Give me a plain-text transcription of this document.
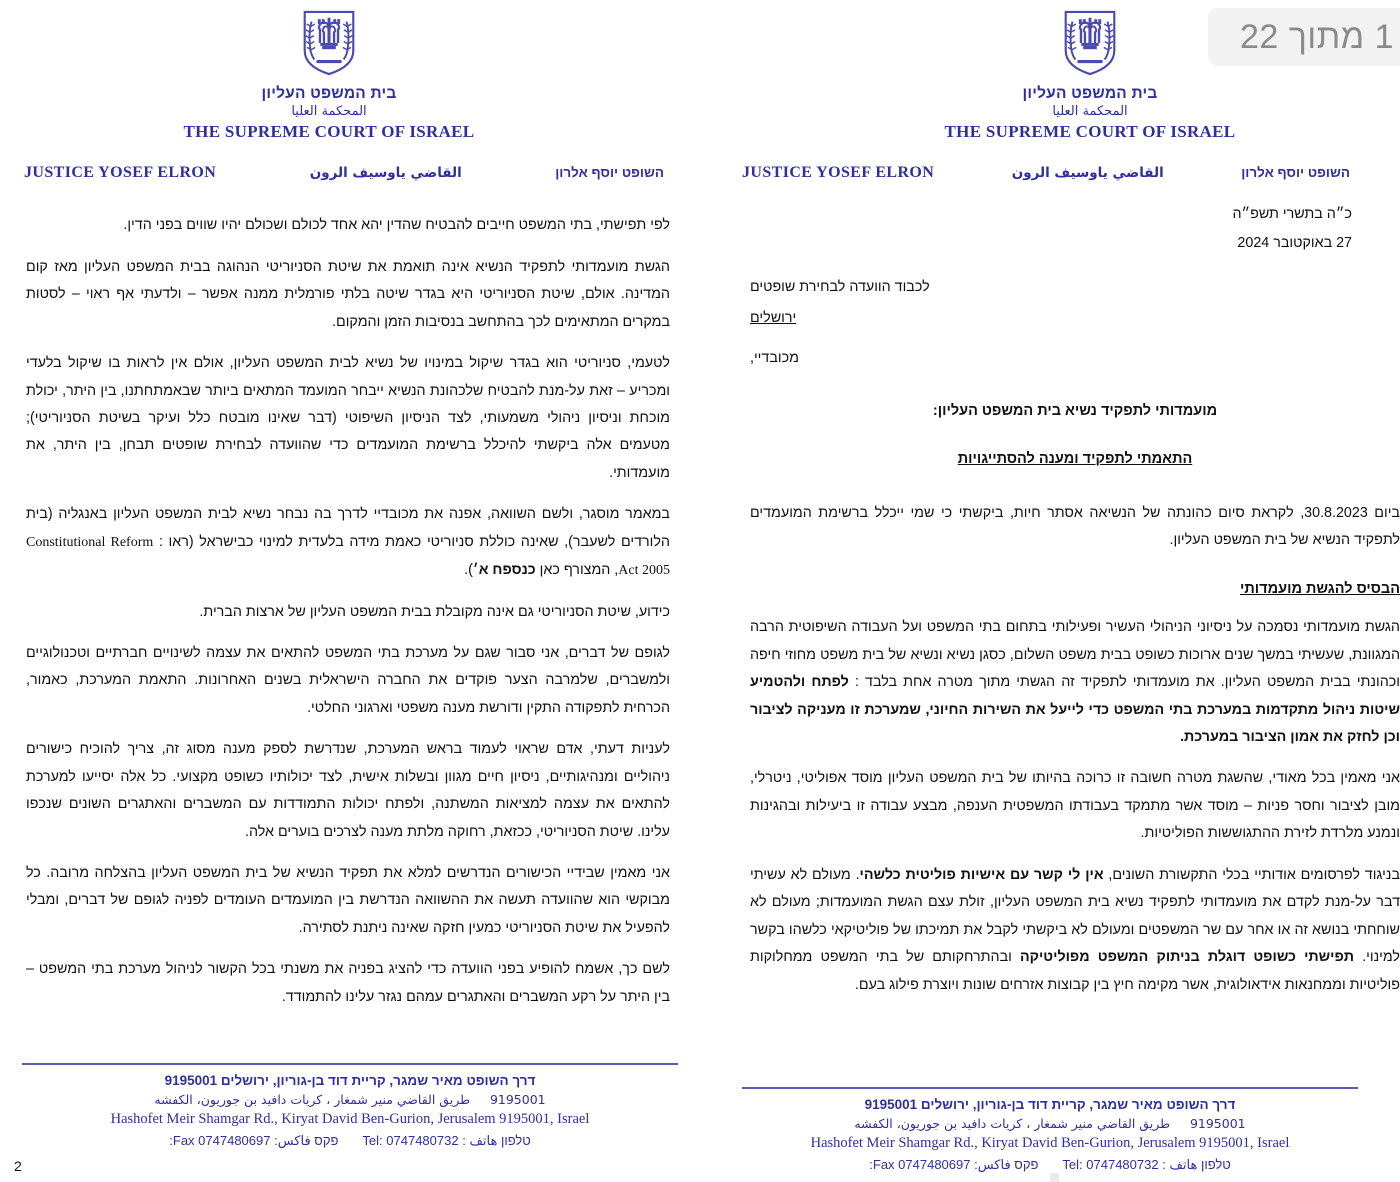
בית המשפט העליון
المحكمة العليا
THE SUPREME COURT OF ISRAEL
השופט יוסף אלרון
القاضي ياوسيف الرون
JUSTICE YOSEF ELRON

לפי תפישתי, בתי המשפט חייבים להבטיח שהדין יהא אחד לכולם ושכולם יהיו שווים בפני הדין.

הגשת מועמדותי לתפקיד הנשיא אינה תואמת את שיטת הסניוריטי הנהוגה בבית המשפט העליון מאז קום המדינה. אולם, שיטת הסניוריטי היא בגדר שיטה בלתי פורמלית ממנה אפשר – ולדעתי אף ראוי – לסטות במקרים המתאימים לכך בהתחשב בנסיבות הזמן והמקום.

לטעמי, סניוריטי הוא בגדר שיקול במינויו של נשיא לבית המשפט העליון, אולם אין לראות בו שיקול בלעדי ומכריע – זאת על-מנת להבטיח שלכהונת הנשיא ייבחר המועמד המתאים ביותר שבאמתחתנו, בין היתר, יכולת מוכחת וניסיון ניהולי משמעותי, לצד הניסיון השיפוטי (דבר שאינו מובטח כלל ועיקר בשיטת הסניוריטי); מטעמים אלה ביקשתי להיכלל ברשימת המועמדים כדי שהוועדה לבחירת שופטים תבחן, בין היתר, את מועמדותי.

במאמר מוסגר, ולשם השוואה, אפנה את מכובדיי לדרך בה נבחר נשיא לבית המשפט העליון באנגליה (בית הלורדים לשעבר), שאינה כוללת סניוריטי כאמת מידה בלעדית למינוי כבישראל (ראו : Constitutional Reform Act 2005, המצורף כאן כנספח א׳).

כידוע, שיטת הסניוריטי גם אינה מקובלת בבית המשפט העליון של ארצות הברית.

לגופם של דברים, אני סבור שגם על מערכת בתי המשפט להתאים את עצמה לשינויים חברתיים וטכנולוגיים ולמשברים, שלמרבה הצער פוקדים את החברה הישראלית בשנים האחרונות. התאמת המערכת, כאמור, הכרחית לתפקודה התקין ודורשת מענה משפטי וארגוני החלטי.

לעניות דעתי, אדם שראוי לעמוד בראש המערכת, שנדרשת לספק מענה מסוג זה, צריך להוכיח כישורים ניהוליים ומנהיגותיים, ניסיון חיים מגוון ובשלות אישית, לצד יכולותיו כשופט מקצועי. כל אלה יסייעו למערכת להתאים את עצמה למציאות המשתנה, ולפתח יכולות התמודדות עם המשברים והאתגרים השונים שנכפו עלינו. שיטת הסניוריטי, ככזאת, רחוקה מלתת מענה לצרכים בוערים אלה.

אני מאמין שבידיי הכישורים הנדרשים למלא את תפקיד הנשיא של בית המשפט העליון בהצלחה מרובה. כל מבוקשי הוא שהוועדה תעשה את ההשוואה הנדרשת בין המועמדים העומדים לפניה לגופם של דברים, ומבלי להפעיל את שיטת הסניוריטי כמעין חזקה שאינה ניתנת לסתירה.

לשם כך, אשמח להופיע בפני הוועדה כדי להציג בפניה את משנתי בכל הקשור לניהול מערכת בתי המשפט – בין היתר על רקע המשברים והאתגרים עמהם נגזר עלינו להתמודד.

דרך השופט מאיר שמגר, קריית דוד בן-גוריון, ירושלים 9195001
9195001     طريق القاضي منير شمغار ، كريات دافيد بن جوريون، الكفشه
Hashofet Meir Shamgar Rd., Kiryat David Ben-Gurion, Jerusalem 9195001, Israel
טלפון هاتف : Tel: 0747480732
פקס فاكس: 0747480697 Fax:
2
בית המשפט העליון
المحكمة العليا
THE SUPREME COURT OF ISRAEL
השופט יוסף אלרון
القاضي ياوسيف الرون
JUSTICE YOSEF ELRON
כ״ה בתשרי תשפ״ה
27 באוקטובר 2024
לכבוד הוועדה לבחירת שופטים
ירושלים
מכובדיי,
מועמדותי לתפקיד נשיא בית המשפט העליון:
התאמתי לתפקיד ומענה להסתייגויות

ביום 30.8.2023, לקראת סיום כהונתה של הנשיאה אסתר חיות, ביקשתי כי שמי ייכלל ברשימת המועמדים לתפקיד הנשיא של בית המשפט העליון.

הבסיס להגשת מועמדותי

הגשת מועמדותי נסמכה על ניסיוני הניהולי העשיר ופעילותי בתחום בתי המשפט ועל העבודה השיפוטית הרבה המגוונת, שעשיתי במשך שנים ארוכות כשופט בבית משפט השלום, כסגן נשיא ונשיא של בית משפט מחוזי חיפה וכהונתי בבית המשפט העליון. את מועמדותי לתפקיד זה הגשתי מתוך מטרה אחת בלבד : לפתח ולהטמיע שיטות ניהול מתקדמות במערכת בתי המשפט כדי לייעל את השירות החיוני, שמערכת זו מעניקה לציבור וכן לחזק את אמון הציבור במערכת.

אני מאמין בכל מאודי, שהשגת מטרה חשובה זו כרוכה בהיותו של בית המשפט העליון מוסד אפוליטי, ניטרלי, מובן לציבור וחסר פניות – מוסד אשר מתמקד בעבודתו המשפטית הענפה, מבצע עבודה זו ביעילות ובהגינות ונמנע מלרדת לזירת ההתגוששות הפוליטיות.

בניגוד לפרסומים אודותיי בכלי התקשורת השונים, אין לי קשר עם אישיות פוליטית כלשהי. מעולם לא עשיתי דבר על-מנת לקדם את מועמדותי לתפקיד נשיא בית המשפט העליון, זולת עצם הגשת המועמדות; מעולם לא שוחחתי בנושא זה או אחר עם שר המשפטים ומעולם לא ביקשתי לקבל את תמיכתו של פוליטיקאי כלשהו בקשר למינוי. תפישתי כשופט דוגלת בניתוק המשפט מפוליטיקה ובהתרחקותם של בתי המשפט ממחלוקות פוליטיות וממחנאות אידאולוגית, אשר מקימה חיץ בין קבוצות אזרחים שונות ויוצרת פילוג בעם.

דרך השופט מאיר שמגר, קריית דוד בן-גוריון, ירושלים 9195001
9195001     طريق القاضي منير شمغار ، كريات دافيد بن جوريون، الكفشه
Hashofet Meir Shamgar Rd., Kiryat David Ben-Gurion, Jerusalem 9195001, Israel
טלפון هاتف : Tel: 0747480732
פקס فاكس: 0747480697 Fax:
1 מתוך 22
